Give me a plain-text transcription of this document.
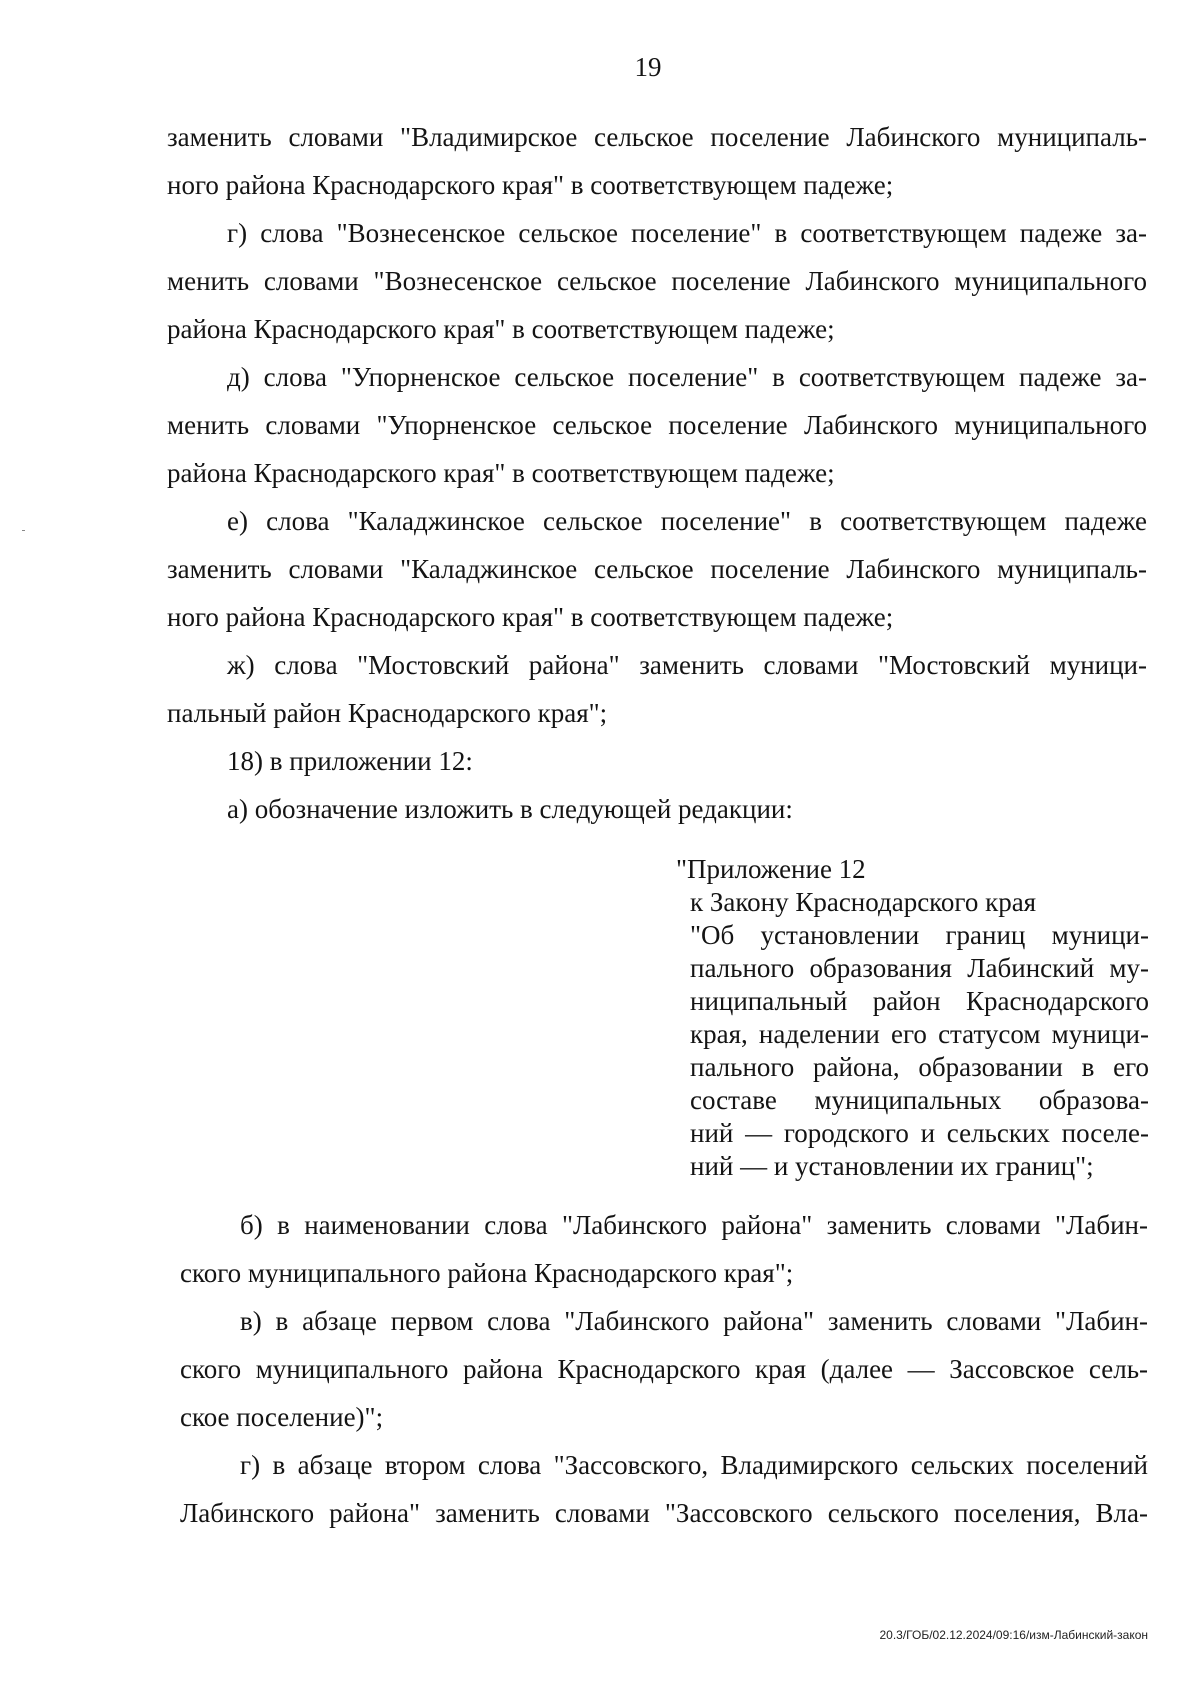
19
заменить словами "Владимирское сельское поселение Лабинского муниципаль-
ного района Краснодарского края" в соответствующем падеже;
г) слова "Вознесенское сельское поселение" в соответствующем падеже за-
менить словами "Вознесенское сельское поселение Лабинского муниципального
района Краснодарского края" в соответствующем падеже;
д) слова "Упорненское сельское поселение" в соответствующем падеже за-
менить словами "Упорненское сельское поселение Лабинского муниципального
района Краснодарского края" в соответствующем падеже;
е) слова "Каладжинское сельское поселение" в соответствующем падеже
заменить словами "Каладжинское сельское поселение Лабинского муниципаль-
ного района Краснодарского края" в соответствующем падеже;
ж) слова "Мостовский района" заменить словами "Мостовский муници-
пальный район Краснодарского края";
18) в приложении 12:
а) обозначение изложить в следующей редакции:
"Приложение 12
к Закону Краснодарского края
"Об установлении границ муници-
пального образования Лабинский му-
ниципальный район Краснодарского
края, наделении его статусом муници-
пального района, образовании в его
составе муниципальных образова-
ний — городского и сельских поселе-
ний — и установлении их границ";
б) в наименовании слова "Лабинского района" заменить словами "Лабин-
ского муниципального района Краснодарского края";
в) в абзаце первом слова "Лабинского района" заменить словами "Лабин-
ского муниципального района Краснодарского края (далее — Зассовское сель-
ское поселение)";
г) в абзаце втором слова "Зассовского, Владимирского сельских поселений
Лабинского района" заменить словами "Зассовского сельского поселения, Вла-
20.3/ГОБ/02.12.2024/09:16/изм-Лабинский-закон
